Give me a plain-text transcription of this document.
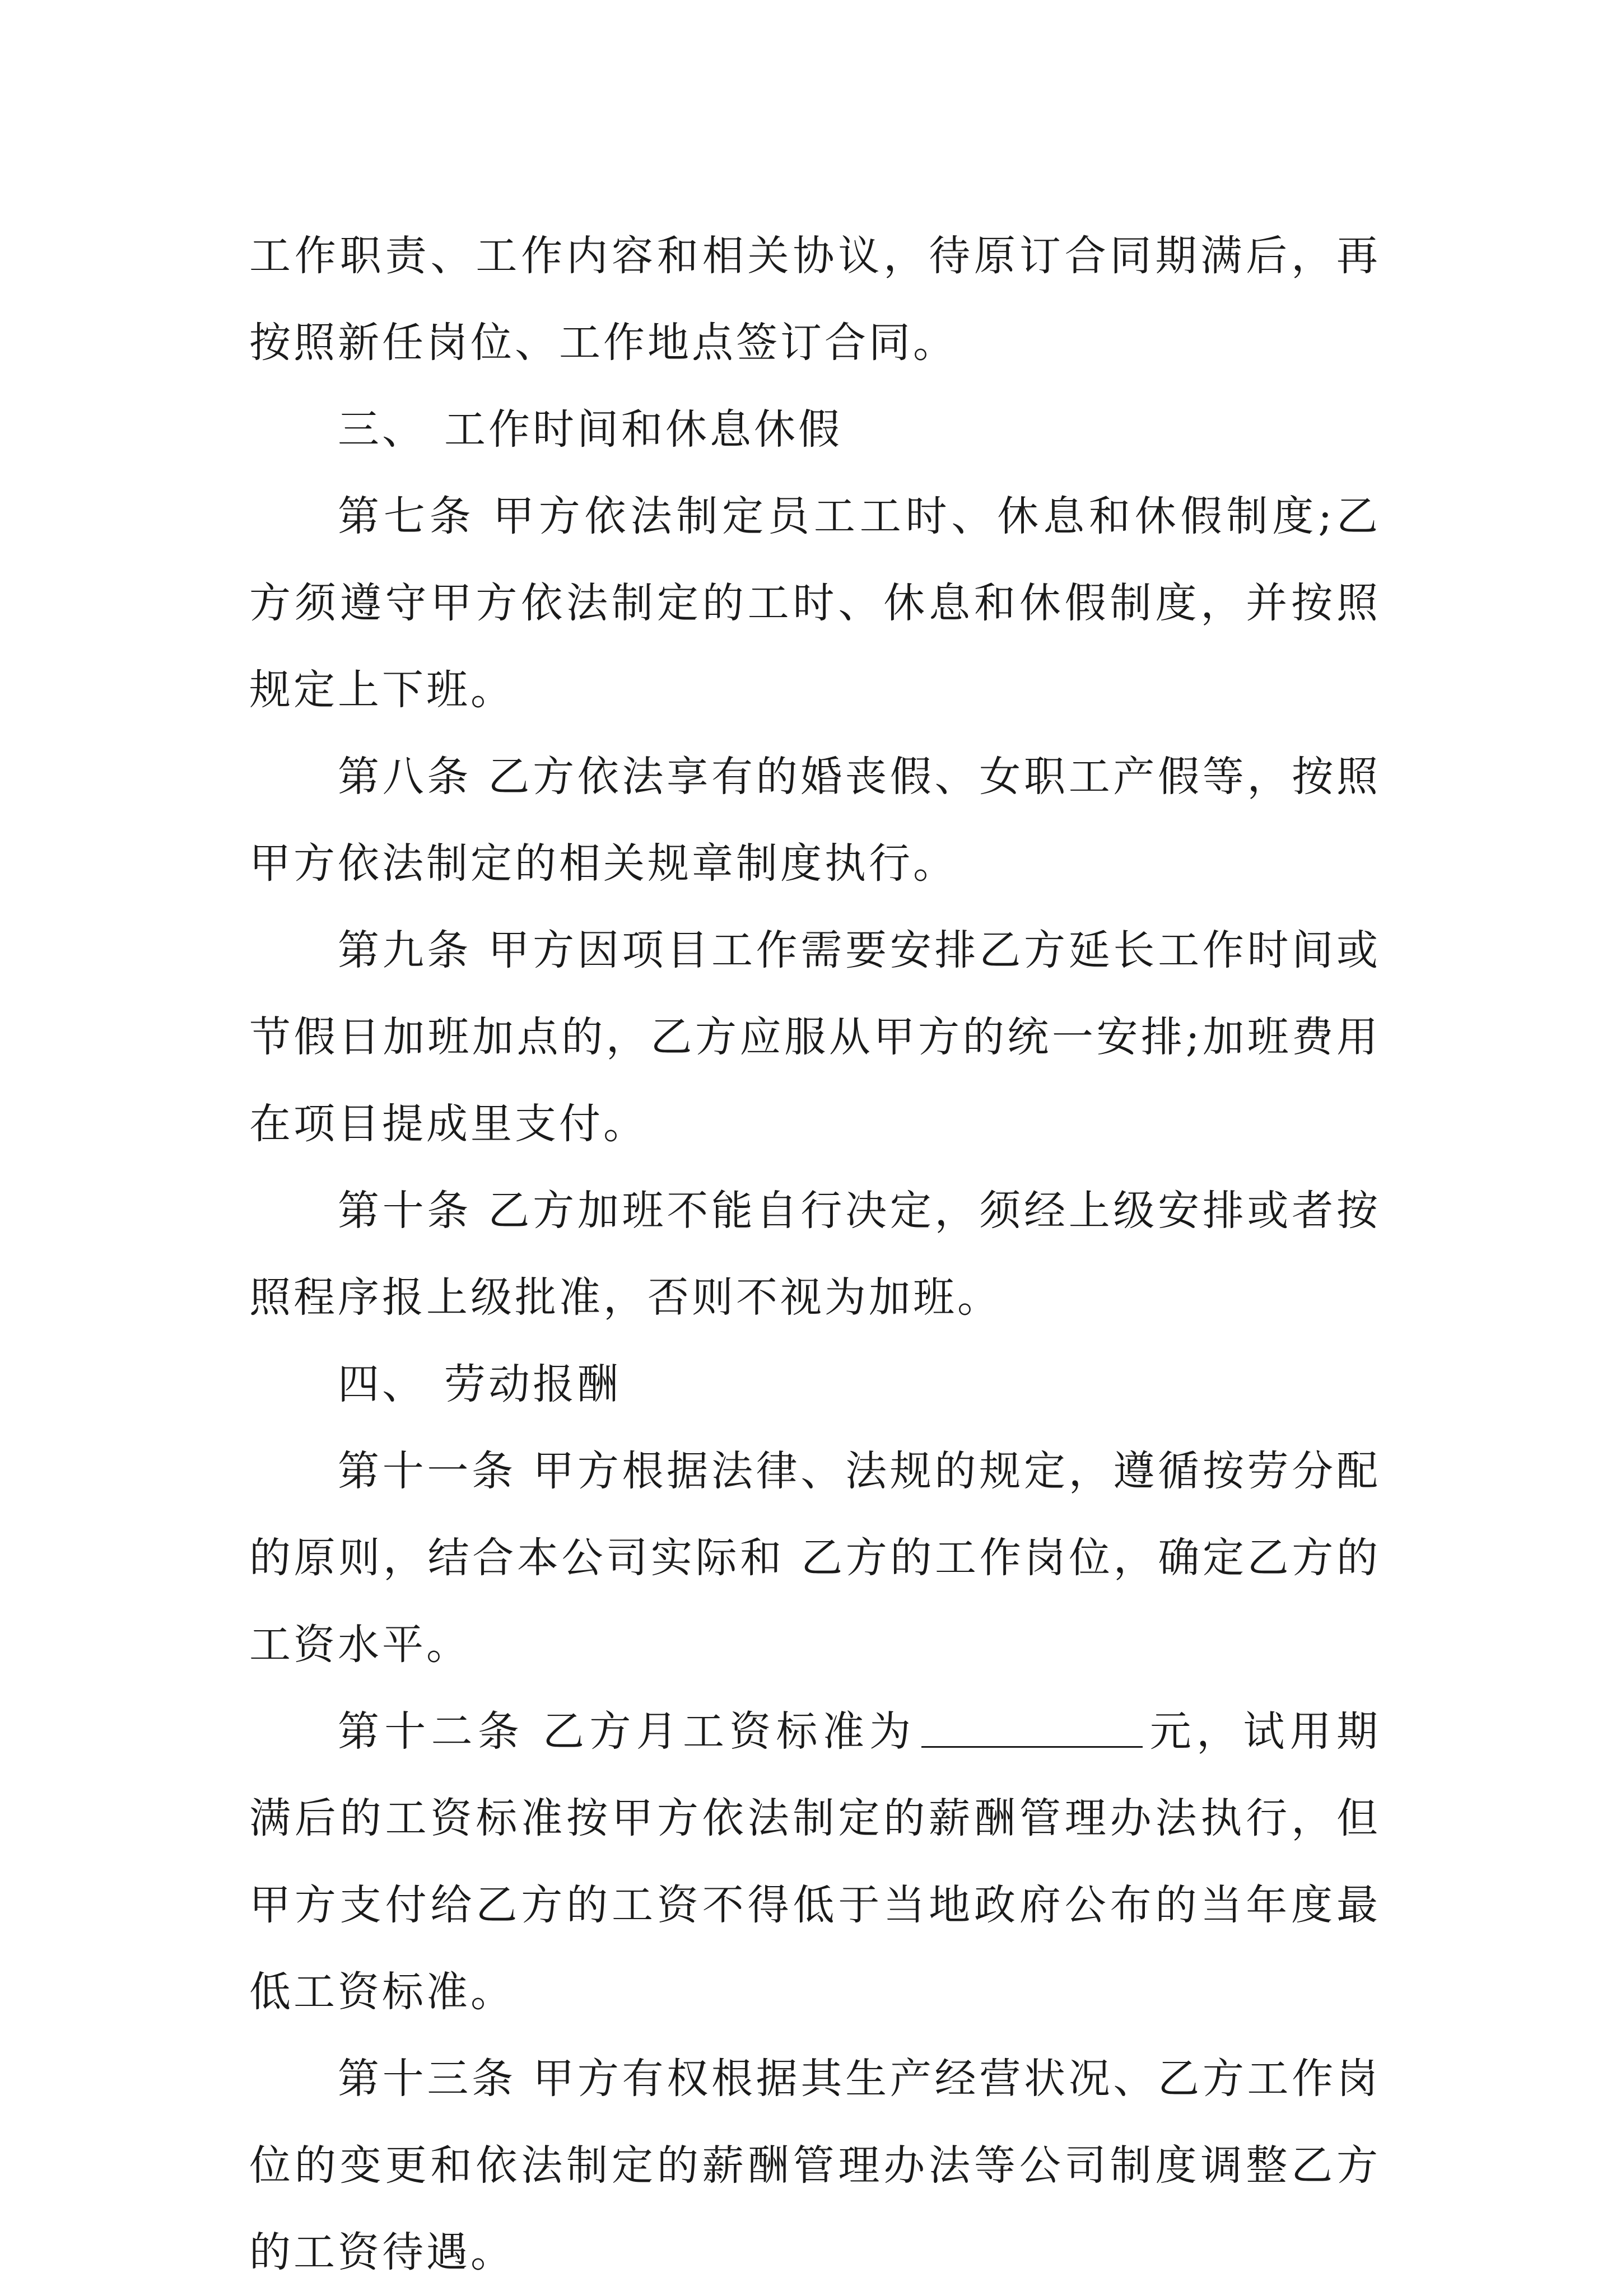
工作职责、工作内容和相关协议，待原订合同期满后，再按照新任岗位、工作地点签订合同。

三、 工作时间和休息休假

第七条 甲方依法制定员工工时、休息和休假制度;乙方须遵守甲方依法制定的工时、休息和休假制度，并按照规定上下班。

第八条 乙方依法享有的婚丧假、女职工产假等，按照甲方依法制定的相关规章制度执行。

第九条 甲方因项目工作需要安排乙方延长工作时间或节假日加班加点的，乙方应服从甲方的统一安排;加班费用在项目提成里支付。

第十条 乙方加班不能自行决定，须经上级安排或者按照程序报上级批准，否则不视为加班。

四、 劳动报酬

第十一条 甲方根据法律、法规的规定，遵循按劳分配的原则，结合本公司实际和 乙方的工作岗位，确定乙方的工资水平。

第十二条 乙方月工资标准为	元，试用期满后的工资标准按甲方依法制定的薪酬管理办法执行，但甲方支付给乙方的工资不得低于当地政府公布的当年度最低工资标准。

第十三条 甲方有权根据其生产经营状况、乙方工作岗位的变更和依法制定的薪酬管理办法等公司制度调整乙方的工资待遇。
